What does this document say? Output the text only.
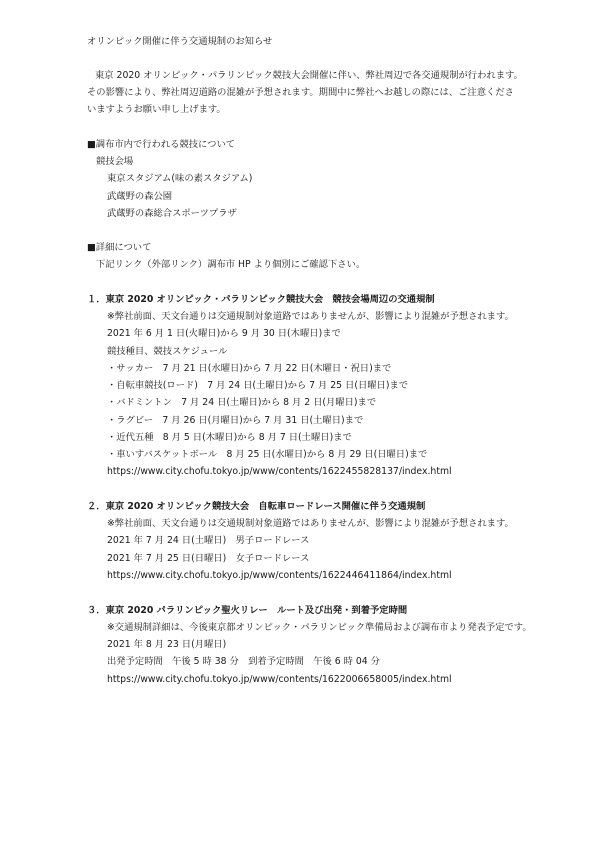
オリンピック開催に伴う交通規制のお知らせ
東京 2020 オリンピック・パラリンピック競技大会開催に伴い、弊社周辺で各交通規制が行われます。
その影響により、弊社周辺道路の混雑が予想されます。期間中に弊社へお越しの際には、ご注意くださ
いますようお願い申し上げます。
■調布市内で行われる競技について
競技会場
東京スタジアム(味の素スタジアム)
武蔵野の森公園
武蔵野の森総合スポーツプラザ
■詳細について
下記リンク（外部リンク）調布市 HP より個別にご確認下さい。
１．東京 2020 オリンピック・パラリンピック競技大会　競技会場周辺の交通規制
※弊社前面、天文台通りは交通規制対象道路ではありませんが、影響により混雑が予想されます。
2021 年 6 月 1 日(火曜日)から 9 月 30 日(木曜日)まで
競技種目、競技スケジュール
・サッカー　7 月 21 日(水曜日)から 7 月 22 日(木曜日・祝日)まで
・自転車競技(ロード)　7 月 24 日(土曜日)から 7 月 25 日(日曜日)まで
・バドミントン　7 月 24 日(土曜日)から 8 月 2 日(月曜日)まで
・ラグビー　7 月 26 日(月曜日)から 7 月 31 日(土曜日)まで
・近代五種　8 月 5 日(木曜日)から 8 月 7 日(土曜日)まで
・車いすバスケットボール　8 月 25 日(水曜日)から 8 月 29 日(日曜日)まで
https://www.city.chofu.tokyo.jp/www/contents/1622455828137/index.html
２．東京 2020 オリンピック競技大会　自転車ロードレース開催に伴う交通規制
※弊社前面、天文台通りは交通規制対象道路ではありませんが、影響により混雑が予想されます。
2021 年 7 月 24 日(土曜日)　男子ロードレース
2021 年 7 月 25 日(日曜日)　女子ロードレース
https://www.city.chofu.tokyo.jp/www/contents/1622446411864/index.html
３．東京 2020 パラリンピック聖火リレー　ルート及び出発・到着予定時間
※交通規制詳細は、今後東京都オリンピック・パラリンピック準備局および調布市より発表予定です。
2021 年 8 月 23 日(月曜日)
出発予定時間　午後 5 時 38 分　到着予定時間　午後 6 時 04 分
https://www.city.chofu.tokyo.jp/www/contents/1622006658005/index.html
